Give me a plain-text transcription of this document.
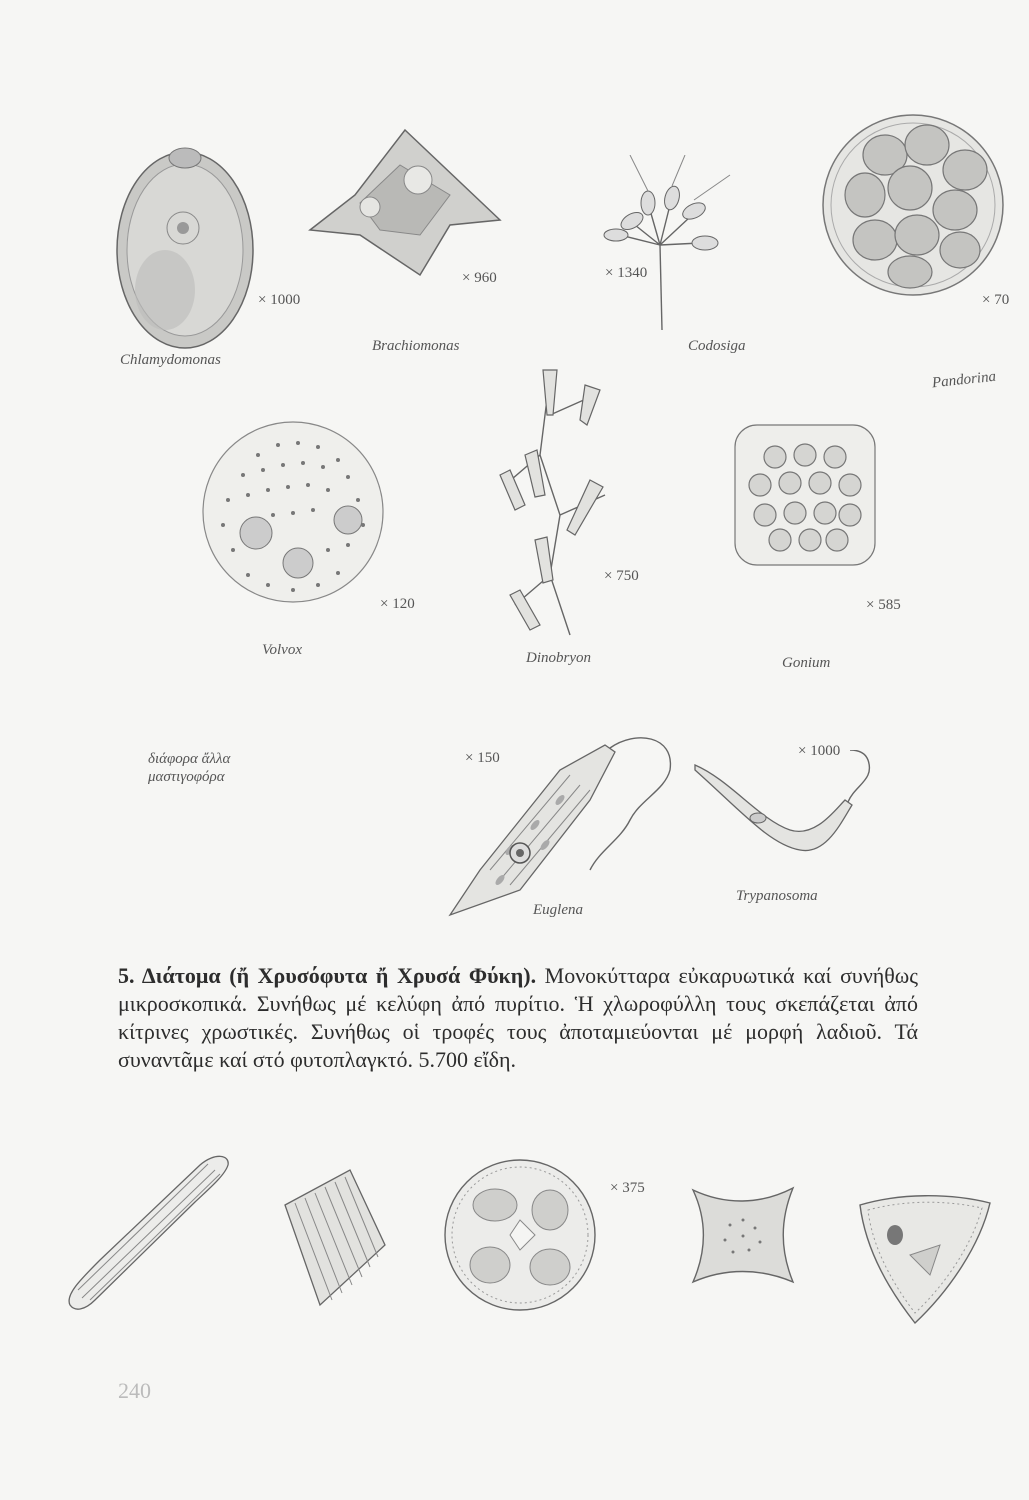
× 1000
Chlamydomonas
× 960
Brachiomonas
× 1340
Codosiga
× 70
Pandorina
× 120
Volvox
× 750
Dinobryon
× 585
Gonium
διάφορα ἄλλα
μαστιγοφόρα
× 150
Euglena
× 1000
Trypanosoma
5. Διάτομα (ἤ Χρυσόφυτα ἤ Χρυσά Φύκη). Μονοκύτταρα εὐκαρυωτικά καί συνήθως μικροσκοπικά. Συνήθως μέ κελύφη ἀπό πυρίτιο. Ἡ χλωροφύλλη τους σκεπάζεται ἀπό κίτρινες χρωστικές. Συνήθως οἱ τροφές τους ἀποταμιεύονται μέ μορφή λαδιοῦ. Τά συναντᾶμε καί στό φυτοπλαγκτό. 5.700 εἴδη.
× 375
240
